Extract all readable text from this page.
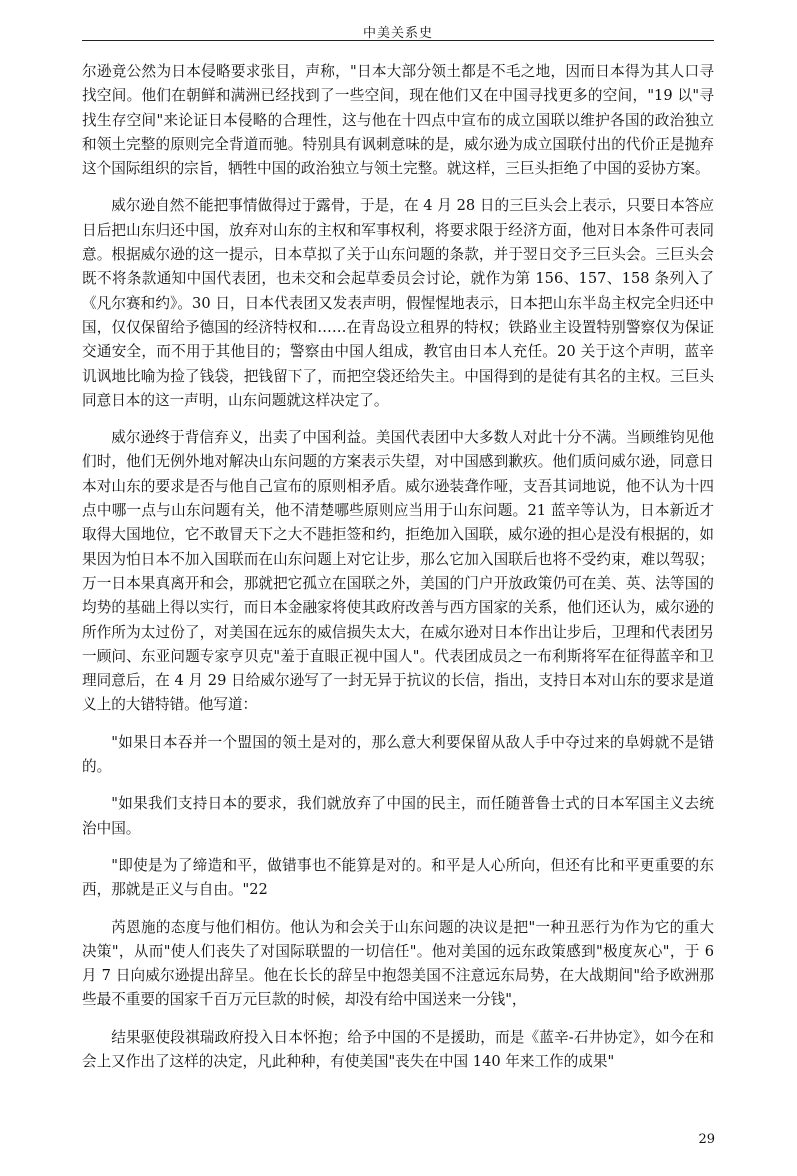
中美关系史

尔逊竟公然为日本侵略要求张目，声称，"日本大部分领土都是不毛之地，因而日本得为其人口寻找空间。他们在朝鲜和满洲已经找到了一些空间，现在他们又在中国寻找更多的空间，"19 以"寻找生存空间"来论证日本侵略的合理性，这与他在十四点中宣布的成立国联以维护各国的政治独立和领土完整的原则完全背道而驰。特别具有讽刺意味的是，威尔逊为成立国联付出的代价正是抛弃这个国际组织的宗旨，牺牲中国的政治独立与领土完整。就这样，三巨头拒绝了中国的妥协方案。

威尔逊自然不能把事情做得过于露骨，于是，在 4 月 28 日的三巨头会上表示，只要日本答应日后把山东归还中国，放弃对山东的主权和军事权利，将要求限于经济方面，他对日本条件可表同意。根据威尔逊的这一提示，日本草拟了关于山东问题的条款，并于翌日交予三巨头会。三巨头会既不将条款通知中国代表团，也未交和会起草委员会讨论，就作为第 156、157、158 条列入了《凡尔赛和约》。30 日，日本代表团又发表声明，假惺惺地表示，日本把山东半岛主权完全归还中国，仅仅保留给予德国的经济特权和……在青岛设立租界的特权；铁路业主设置特别警察仅为保证交通安全，而不用于其他目的；警察由中国人组成，教官由日本人充任。20 关于这个声明，蓝辛讥讽地比喻为捡了钱袋，把钱留下了，而把空袋还给失主。中国得到的是徒有其名的主权。三巨头同意日本的这一声明，山东问题就这样决定了。

威尔逊终于背信弃义，出卖了中国利益。美国代表团中大多数人对此十分不满。当顾维钧见他们时，他们无例外地对解决山东问题的方案表示失望，对中国感到歉疚。他们质问威尔逊，同意日本对山东的要求是否与他自己宣布的原则相矛盾。威尔逊装聋作哑，支吾其词地说，他不认为十四点中哪一点与山东问题有关，他不清楚哪些原则应当用于山东问题。21 蓝辛等认为，日本新近才取得大国地位，它不敢冒天下之大不韪拒签和约，拒绝加入国联，威尔逊的担心是没有根据的，如果因为怕日本不加入国联而在山东问题上对它让步，那么它加入国联后也将不受约束，难以驾驭；万一日本果真离开和会，那就把它孤立在国联之外，美国的门户开放政策仍可在美、英、法等国的均势的基础上得以实行，而日本金融家将使其政府改善与西方国家的关系，他们还认为，威尔逊的所作所为太过份了，对美国在远东的威信损失太大，在威尔逊对日本作出让步后，卫理和代表团另一顾问、东亚问题专家亨贝克"羞于直眼正视中国人"。代表团成员之一布利斯将军在征得蓝辛和卫理同意后，在 4 月 29 日给威尔逊写了一封无异于抗议的长信，指出，支持日本对山东的要求是道义上的大错特错。他写道：

"如果日本吞并一个盟国的领土是对的，那么意大利要保留从敌人手中夺过来的阜姆就不是错的。

"如果我们支持日本的要求，我们就放弃了中国的民主，而任随普鲁士式的日本军国主义去统治中国。

"即使是为了缔造和平，做错事也不能算是对的。和平是人心所向，但还有比和平更重要的东西，那就是正义与自由。"22

芮恩施的态度与他们相仿。他认为和会关于山东问题的决议是把"一种丑恶行为作为它的重大决策"，从而"使人们丧失了对国际联盟的一切信任"。他对美国的远东政策感到"极度灰心"，于 6 月 7 日向威尔逊提出辞呈。他在长长的辞呈中抱怨美国不注意远东局势，在大战期间"给予欧洲那些最不重要的国家千百万元巨款的时候，却没有给中国送来一分钱"，

结果驱使段祺瑞政府投入日本怀抱；给予中国的不是援助，而是《蓝辛-石井协定》，如今在和会上又作出了这样的决定，凡此种种，有使美国"丧失在中国 140 年来工作的成果"

29
